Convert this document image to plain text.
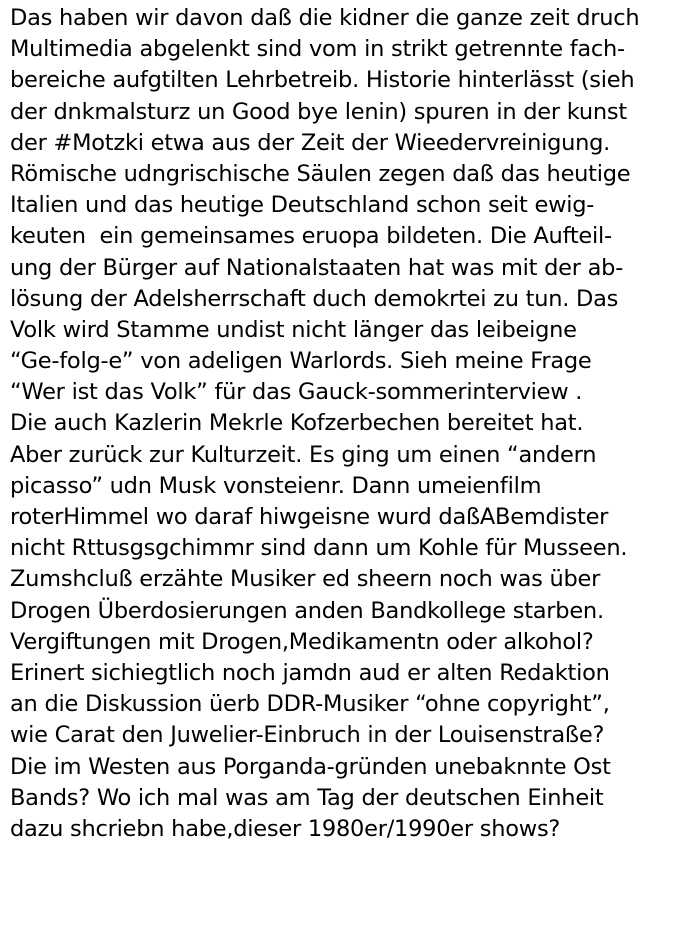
Das haben wir davon daß die kidner die ganze zeit druch
Multimedia abgelenkt sind vom in strikt getrennte fach-
bereiche aufgtilten Lehrbetreib. Historie hinterlässt (sieh
der dnkmalsturz un Good bye lenin) spuren in der kunst
der #Motzki etwa aus der Zeit der Wieedervreinigung.
Römische udngrischische Säulen zegen daß das heutige
Italien und das heutige Deutschland schon seit ewig-
keuten  ein gemeinsames eruopa bildeten. Die Aufteil-
ung der Bürger auf Nationalstaaten hat was mit der ab-
lösung der Adelsherrschaft duch demokrtei zu tun. Das
Volk wird Stamme undist nicht länger das leibeigne
“Ge-folg-e” von adeligen Warlords. Sieh meine Frage
“Wer ist das Volk” für das Gauck-sommerinterview .
Die auch Kazlerin Mekrle Kofzerbechen bereitet hat.
Aber zurück zur Kulturzeit. Es ging um einen “andern
picasso” udn Musk vonsteienr. Dann umeienfilm
roterHimmel wo daraf hiwgeisne wurd daßABemdister
nicht Rttusgsgchimmr sind dann um Kohle für Musseen.
Zumshcluß erzähte Musiker ed sheern noch was über
Drogen Überdosierungen anden Bandkollege starben.
Vergiftungen mit Drogen,Medikamentn oder alkohol?
Erinert sichiegtlich noch jamdn aud er alten Redaktion
an die Diskussion üerb DDR-Musiker “ohne copyright”,
wie Carat den Juwelier-Einbruch in der Louisenstraße?
Die im Westen aus Porganda-gründen unebaknnte Ost
Bands? Wo ich mal was am Tag der deutschen Einheit
dazu shcriebn habe,dieser 1980er/1990er shows?
